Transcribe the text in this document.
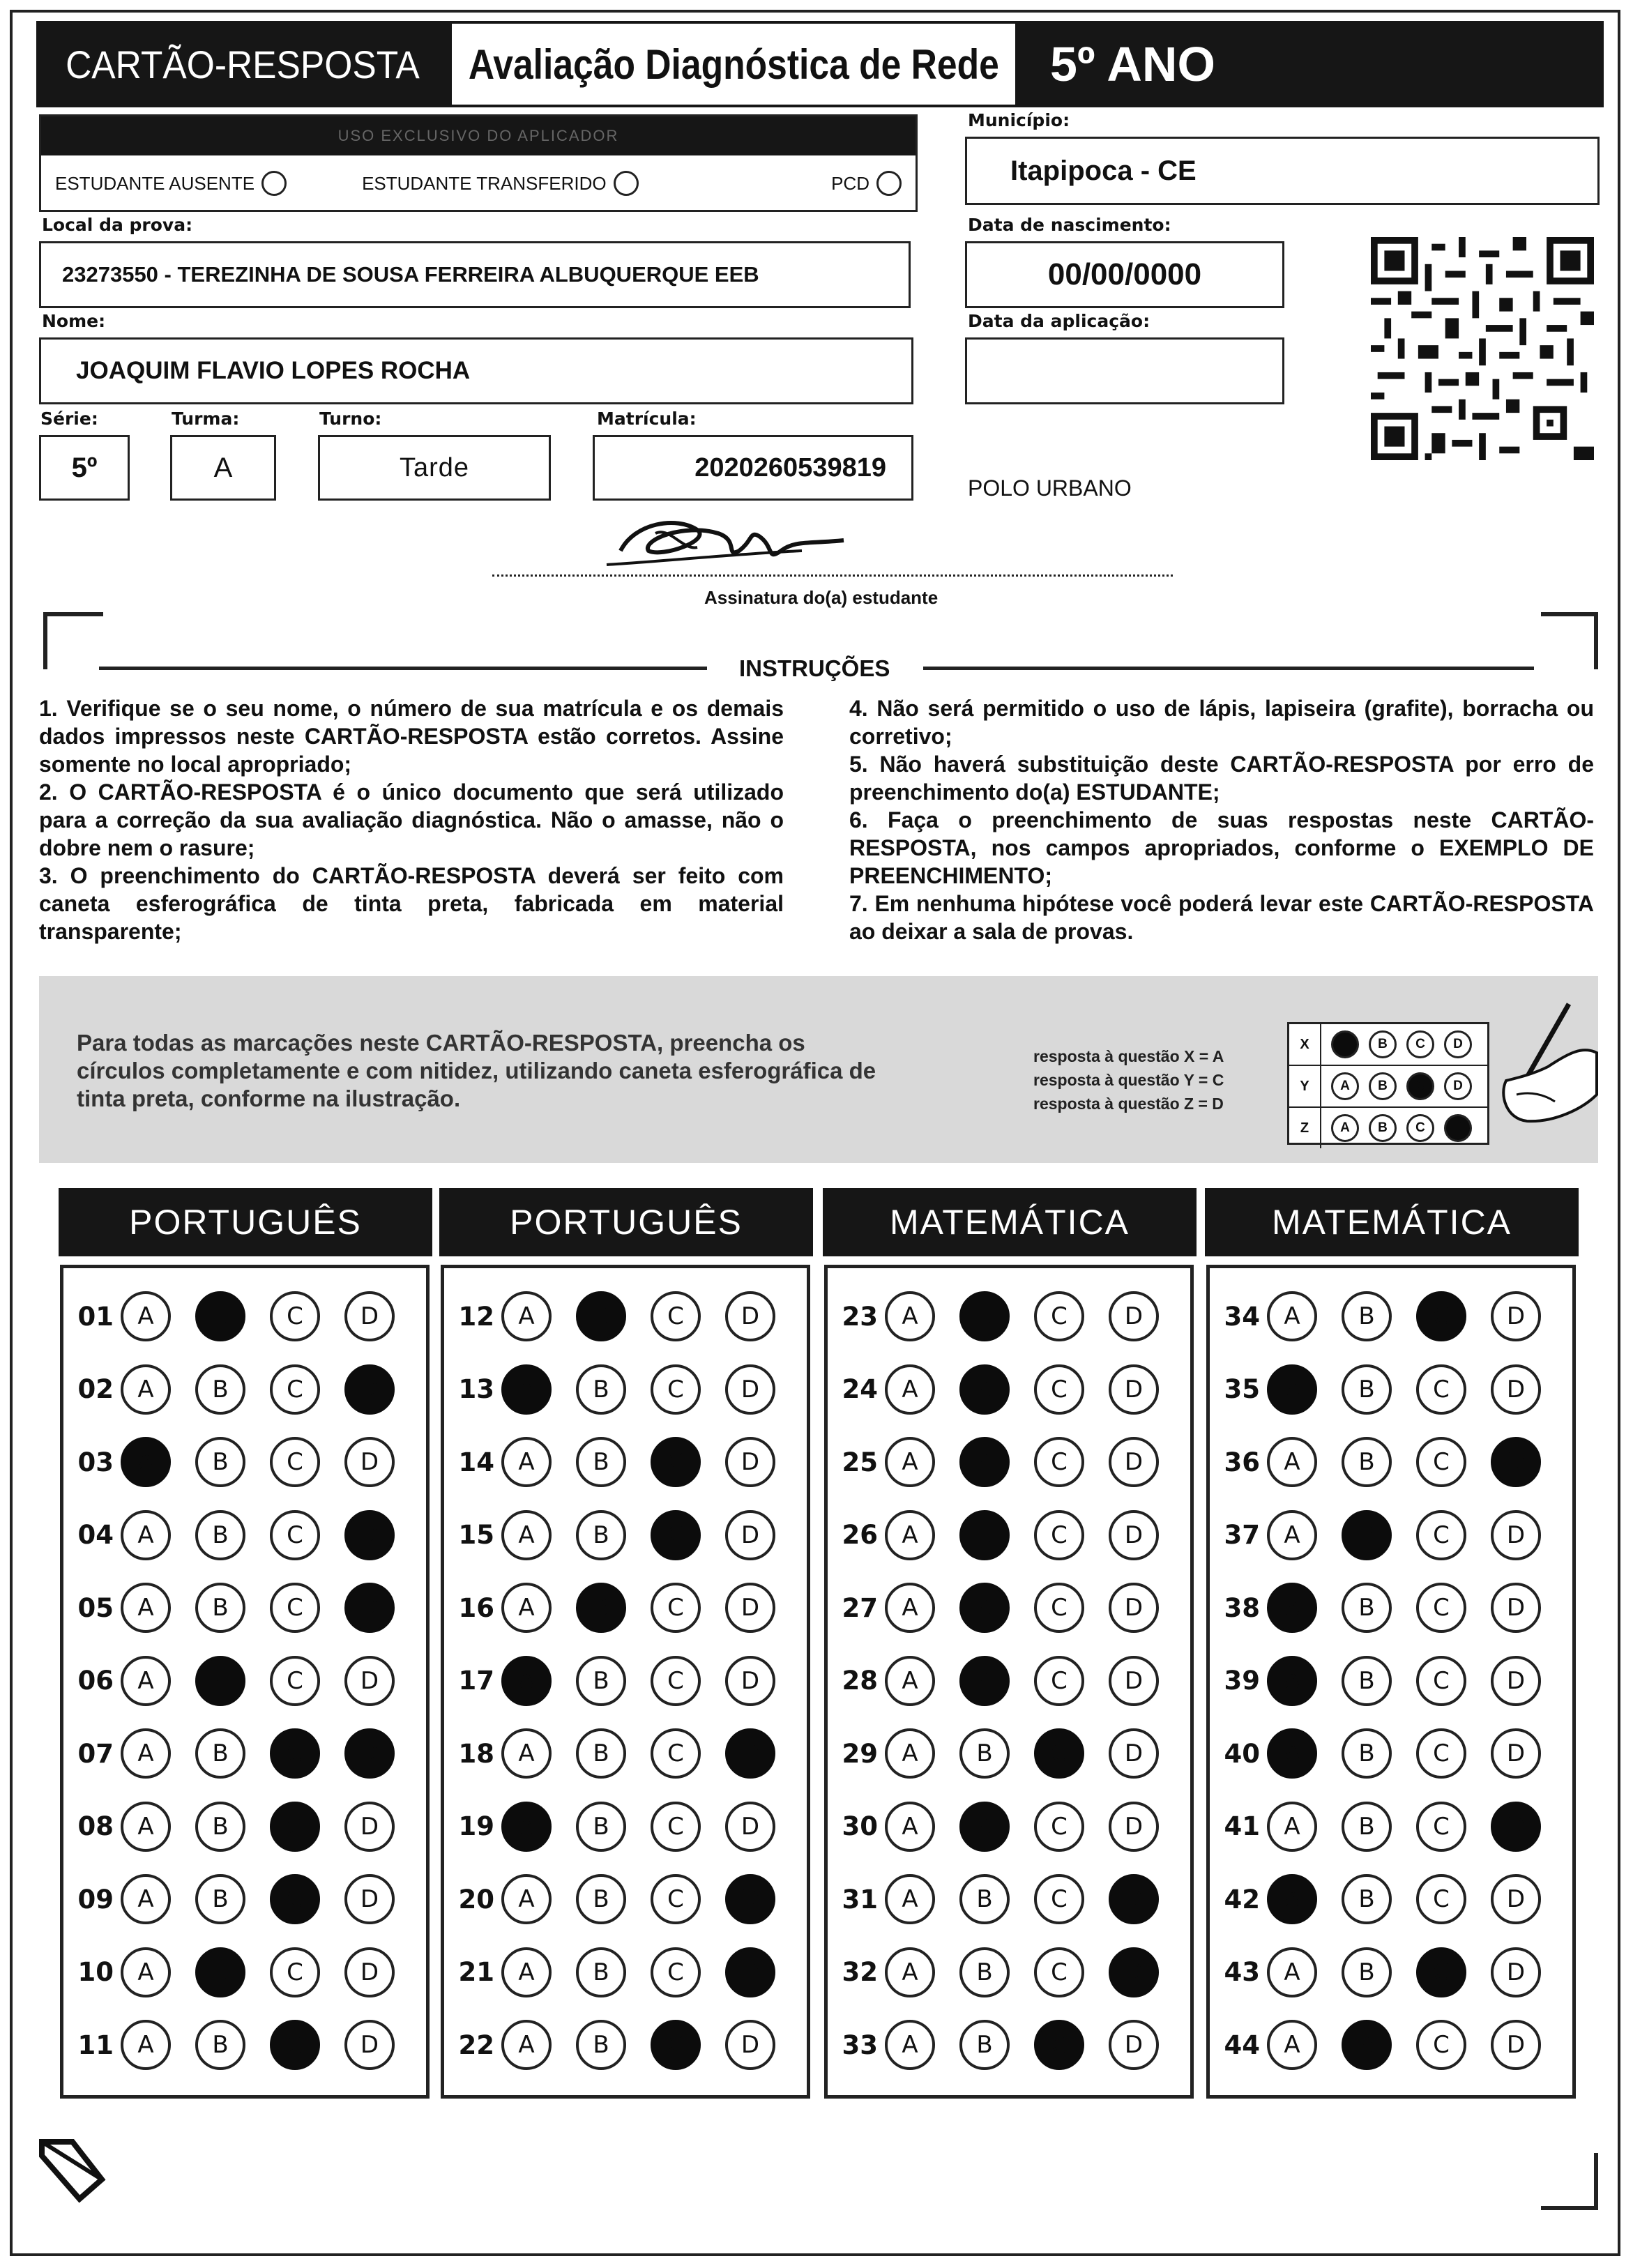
CARTÃO-RESPOSTA Avaliação Diagnóstica de Rede 5º ANO
USO EXCLUSIVO DO APLICADOR
ESTUDANTE AUSENTE	ESTUDANTE TRANSFERIDO	PCD
Município:
Itapipoca - CE
Local da prova:
23273550 - TEREZINHA DE SOUSA FERREIRA ALBUQUERQUE EEB
Data de nascimento:
00/00/0000
Nome:
JOAQUIM FLAVIO LOPES ROCHA
Data da aplicação:
Série:
5º
Turma:
A
Turno:
Tarde
Matrícula:
2020260539819
POLO URBANO
Assinatura do(a) estudante
INSTRUÇÕES

1. Verifique se o seu nome, o número de sua matrícula e os demais dados impressos neste CARTÃO-RESPOSTA estão corretos. Assine somente no local apropriado;

2. O CARTÃO-RESPOSTA é o único documento que será utilizado para a correção da sua avaliação diagnóstica. Não o amasse, não o dobre nem o rasure;

3. O preenchimento do CARTÃO-RESPOSTA deverá ser feito com caneta esferográfica de tinta preta, fabricada em material transparente;

4. Não será permitido o uso de lápis, lapiseira (grafite), borracha ou corretivo;

5. Não haverá substituição deste CARTÃO-RESPOSTA por erro de preenchimento do(a) ESTUDANTE;

6. Faça o preenchimento de suas respostas neste CARTÃO-RESPOSTA, nos campos apropriados, conforme o EXEMPLO DE PREENCHIMENTO;

7. Em nenhuma hipótese você poderá levar este CARTÃO-RESPOSTA ao deixar a sala de provas.

Para todas as marcações neste CARTÃO-RESPOSTA, preencha os círculos completamente e com nitidez, utilizando caneta esferográfica de tinta preta, conforme na ilustração.
resposta à questão X = A
resposta à questão Y = C
resposta à questão Z = D
X	A	B	C	D
Y	A	B	C	D
Z	A	B	C	D
PORTUGUÊS
01	A	B	C	D
02	A	B	C	D
03	A	B	C	D
04	A	B	C	D
05	A	B	C	D
06	A	B	C	D
07	A	B	C	D
08	A	B	C	D
09	A	B	C	D
10	A	B	C	D
11	A	B	C	D
PORTUGUÊS
12	A	B	C	D
13	A	B	C	D
14	A	B	C	D
15	A	B	C	D
16	A	B	C	D
17	A	B	C	D
18	A	B	C	D
19	A	B	C	D
20	A	B	C	D
21	A	B	C	D
22	A	B	C	D
MATEMÁTICA
23	A	B	C	D
24	A	B	C	D
25	A	B	C	D
26	A	B	C	D
27	A	B	C	D
28	A	B	C	D
29	A	B	C	D
30	A	B	C	D
31	A	B	C	D
32	A	B	C	D
33	A	B	C	D
MATEMÁTICA
34	A	B	C	D
35	A	B	C	D
36	A	B	C	D
37	A	B	C	D
38	A	B	C	D
39	A	B	C	D
40	A	B	C	D
41	A	B	C	D
42	A	B	C	D
43	A	B	C	D
44	A	B	C	D
